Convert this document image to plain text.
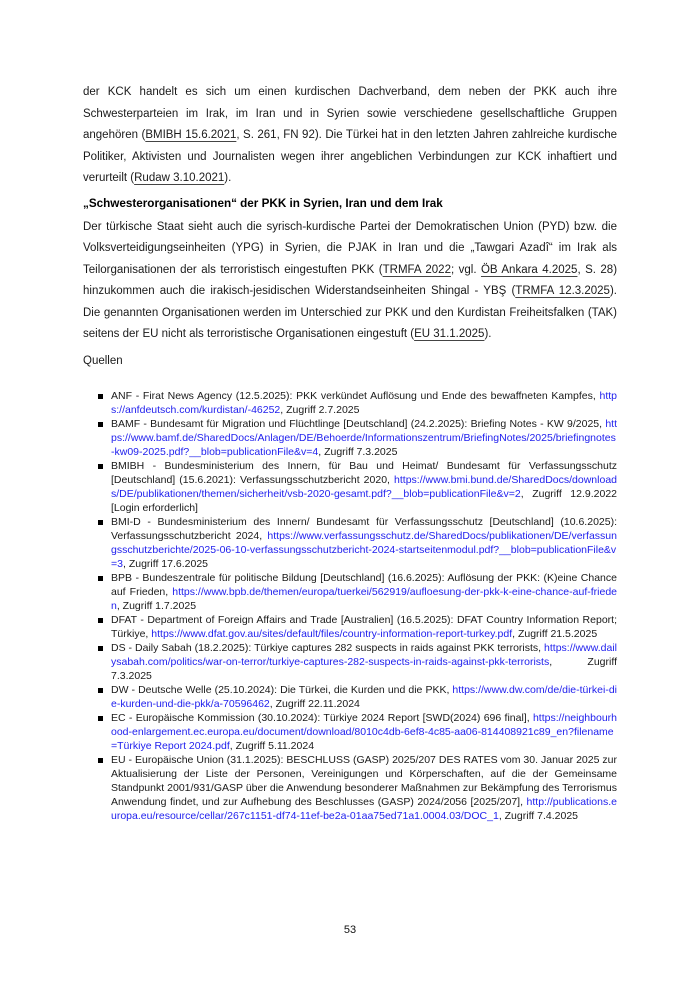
der KCK handelt es sich um einen kurdischen Dachverband, dem neben der PKK auch ihre Schwesterparteien im Irak, im Iran und in Syrien sowie verschiedene gesellschaftliche Gruppen angehören (BMIBH 15.6.2021, S. 261, FN 92). Die Türkei hat in den letzten Jahren zahlreiche kurdische Politiker, Aktivisten und Journalisten wegen ihrer angeblichen Verbindungen zur KCK inhaftiert und verurteilt (Rudaw 3.10.2021).

„Schwesterorganisationen“ der PKK in Syrien, Iran und dem Irak

Der türkische Staat sieht auch die syrisch-kurdische Partei der Demokratischen Union (PYD) bzw. die Volksverteidigungseinheiten (YPG) in Syrien, die PJAK in Iran und die „Tawgari Azadî“ im Irak als Teilorganisationen der als terroristisch eingestuften PKK (TRMFA 2022; vgl. ÖB Ankara 4.2025, S. 28) hinzukommen auch die irakisch-jesidischen Widerstandseinheiten Shingal - YBŞ (TRMFA 12.3.2025). Die genannten Organisationen werden im Unterschied zur PKK und den Kurdistan Freiheitsfalken (TAK) seitens der EU nicht als terroristische Organisationen eingestuft (EU 31.1.2025).

Quellen

ANF - Firat News Agency (12.5.2025): PKK verkündet Auflösung und Ende des bewaffneten Kampfes, https://anfdeutsch.com/kurdistan/-46252, Zugriff 2.7.2025
BAMF - Bundesamt für Migration und Flüchtlinge [Deutschland] (24.2.2025): Briefing Notes - KW 9/2025, https://www.bamf.de/SharedDocs/Anlagen/DE/Behoerde/Informationszentrum/BriefingNotes/2025/briefingnotes-kw09-2025.pdf?__blob=publicationFile&v=4, Zugriff 7.3.2025
BMIBH - Bundesministerium des Innern, für Bau und Heimat/ Bundesamt für Verfassungsschutz [Deutschland] (15.6.2021): Verfassungsschutzbericht 2020, https://www.bmi.bund.de/SharedDocs/downloads/DE/publikationen/themen/sicherheit/vsb-2020-gesamt.pdf?__blob=publicationFile&v=2, Zugriff 12.9.2022 [Login erforderlich]
BMI-D - Bundesministerium des Innern/ Bundesamt für Verfassungsschutz [Deutschland] (10.6.2025): Verfassungsschutzbericht 2024, https://www.verfassungsschutz.de/SharedDocs/publikationen/DE/verfassungsschutzberichte/2025-06-10-verfassungsschutzbericht-2024-startseitenmodul.pdf?__blob=publicationFile&v=3, Zugriff 17.6.2025
BPB - Bundeszentrale für politische Bildung [Deutschland] (16.6.2025): Auflösung der PKK: (K)eine Chance auf Frieden, https://www.bpb.de/themen/europa/tuerkei/562919/aufloesung-der-pkk-k-eine-chance-auf-frieden, Zugriff 1.7.2025
DFAT - Department of Foreign Affairs and Trade [Australien] (16.5.2025): DFAT Country Information Report; Türkiye, https://www.dfat.gov.au/sites/default/files/country-information-report-turkey.pdf, Zugriff 21.5.2025
DS - Daily Sabah (18.2.2025): Türkiye captures 282 suspects in raids against PKK terrorists, https://www.dailysabah.com/politics/war-on-terror/turkiye-captures-282-suspects-in-raids-against-pkk-terrorists, Zugriff 7.3.2025
DW - Deutsche Welle (25.10.2024): Die Türkei, die Kurden und die PKK, https://www.dw.com/de/die-türkei-die-kurden-und-die-pkk/a-70596462, Zugriff 22.11.2024
EC - Europäische Kommission (30.10.2024): Türkiye 2024 Report [SWD(2024) 696 final], https://neighbourhood-enlargement.ec.europa.eu/document/download/8010c4db-6ef8-4c85-aa06-814408921c89_en?filename=Türkiye Report 2024.pdf, Zugriff 5.11.2024
EU - Europäische Union (31.1.2025): BESCHLUSS (GASP) 2025/207 DES RATES vom 30. Januar 2025 zur Aktualisierung der Liste der Personen, Vereinigungen und Körperschaften, auf die der Gemeinsame Standpunkt 2001/931/GASP über die Anwendung besonderer Maßnahmen zur Bekämpfung des Terrorismus Anwendung findet, und zur Aufhebung des Beschlusses (GASP) 2024/2056 [2025/207], http://publications.europa.eu/resource/cellar/267c1151-df74-11ef-be2a-01aa75ed71a1.0004.03/DOC_1, Zugriff 7.4.2025
53
